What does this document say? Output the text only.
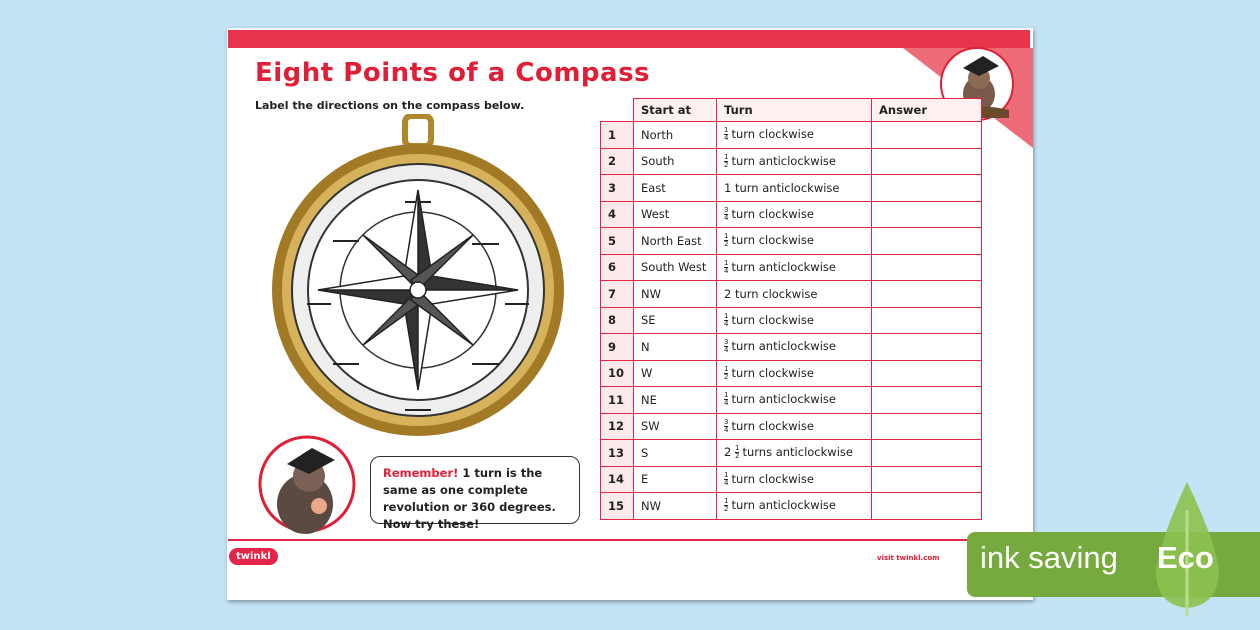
Eight Points of a Compass
Label the directions on the compass below.
Remember! 1 turn is the same as one complete revolution or 360 degrees. Now try these!
	Start at	Turn	Answer
1	North	$\frac{1}{4}$ turn clockwise	
2	South	$\frac{1}{2}$ turn anticlockwise	
3	East	1 turn anticlockwise	
4	West	$\frac{3}{4}$ turn clockwise	
5	North East	$\frac{1}{2}$ turn clockwise	
6	South West	$\frac{1}{4}$ turn anticlockwise	
7	NW	2 turn clockwise	
8	SE	$\frac{1}{4}$ turn clockwise	
9	N	$\frac{3}{4}$ turn anticlockwise	
10	W	$\frac{1}{2}$ turn clockwise	
11	NE	$\frac{1}{4}$ turn anticlockwise	
12	SW	$\frac{3}{4}$ turn clockwise	
13	S	$2 \frac{1}{2}$ turns anticlockwise	
14	E	$\frac{1}{4}$ turn clockwise	
15	NW	$\frac{1}{2}$ turn anticlockwise	
twinkl	visit twinkl.com ink saving Eco
